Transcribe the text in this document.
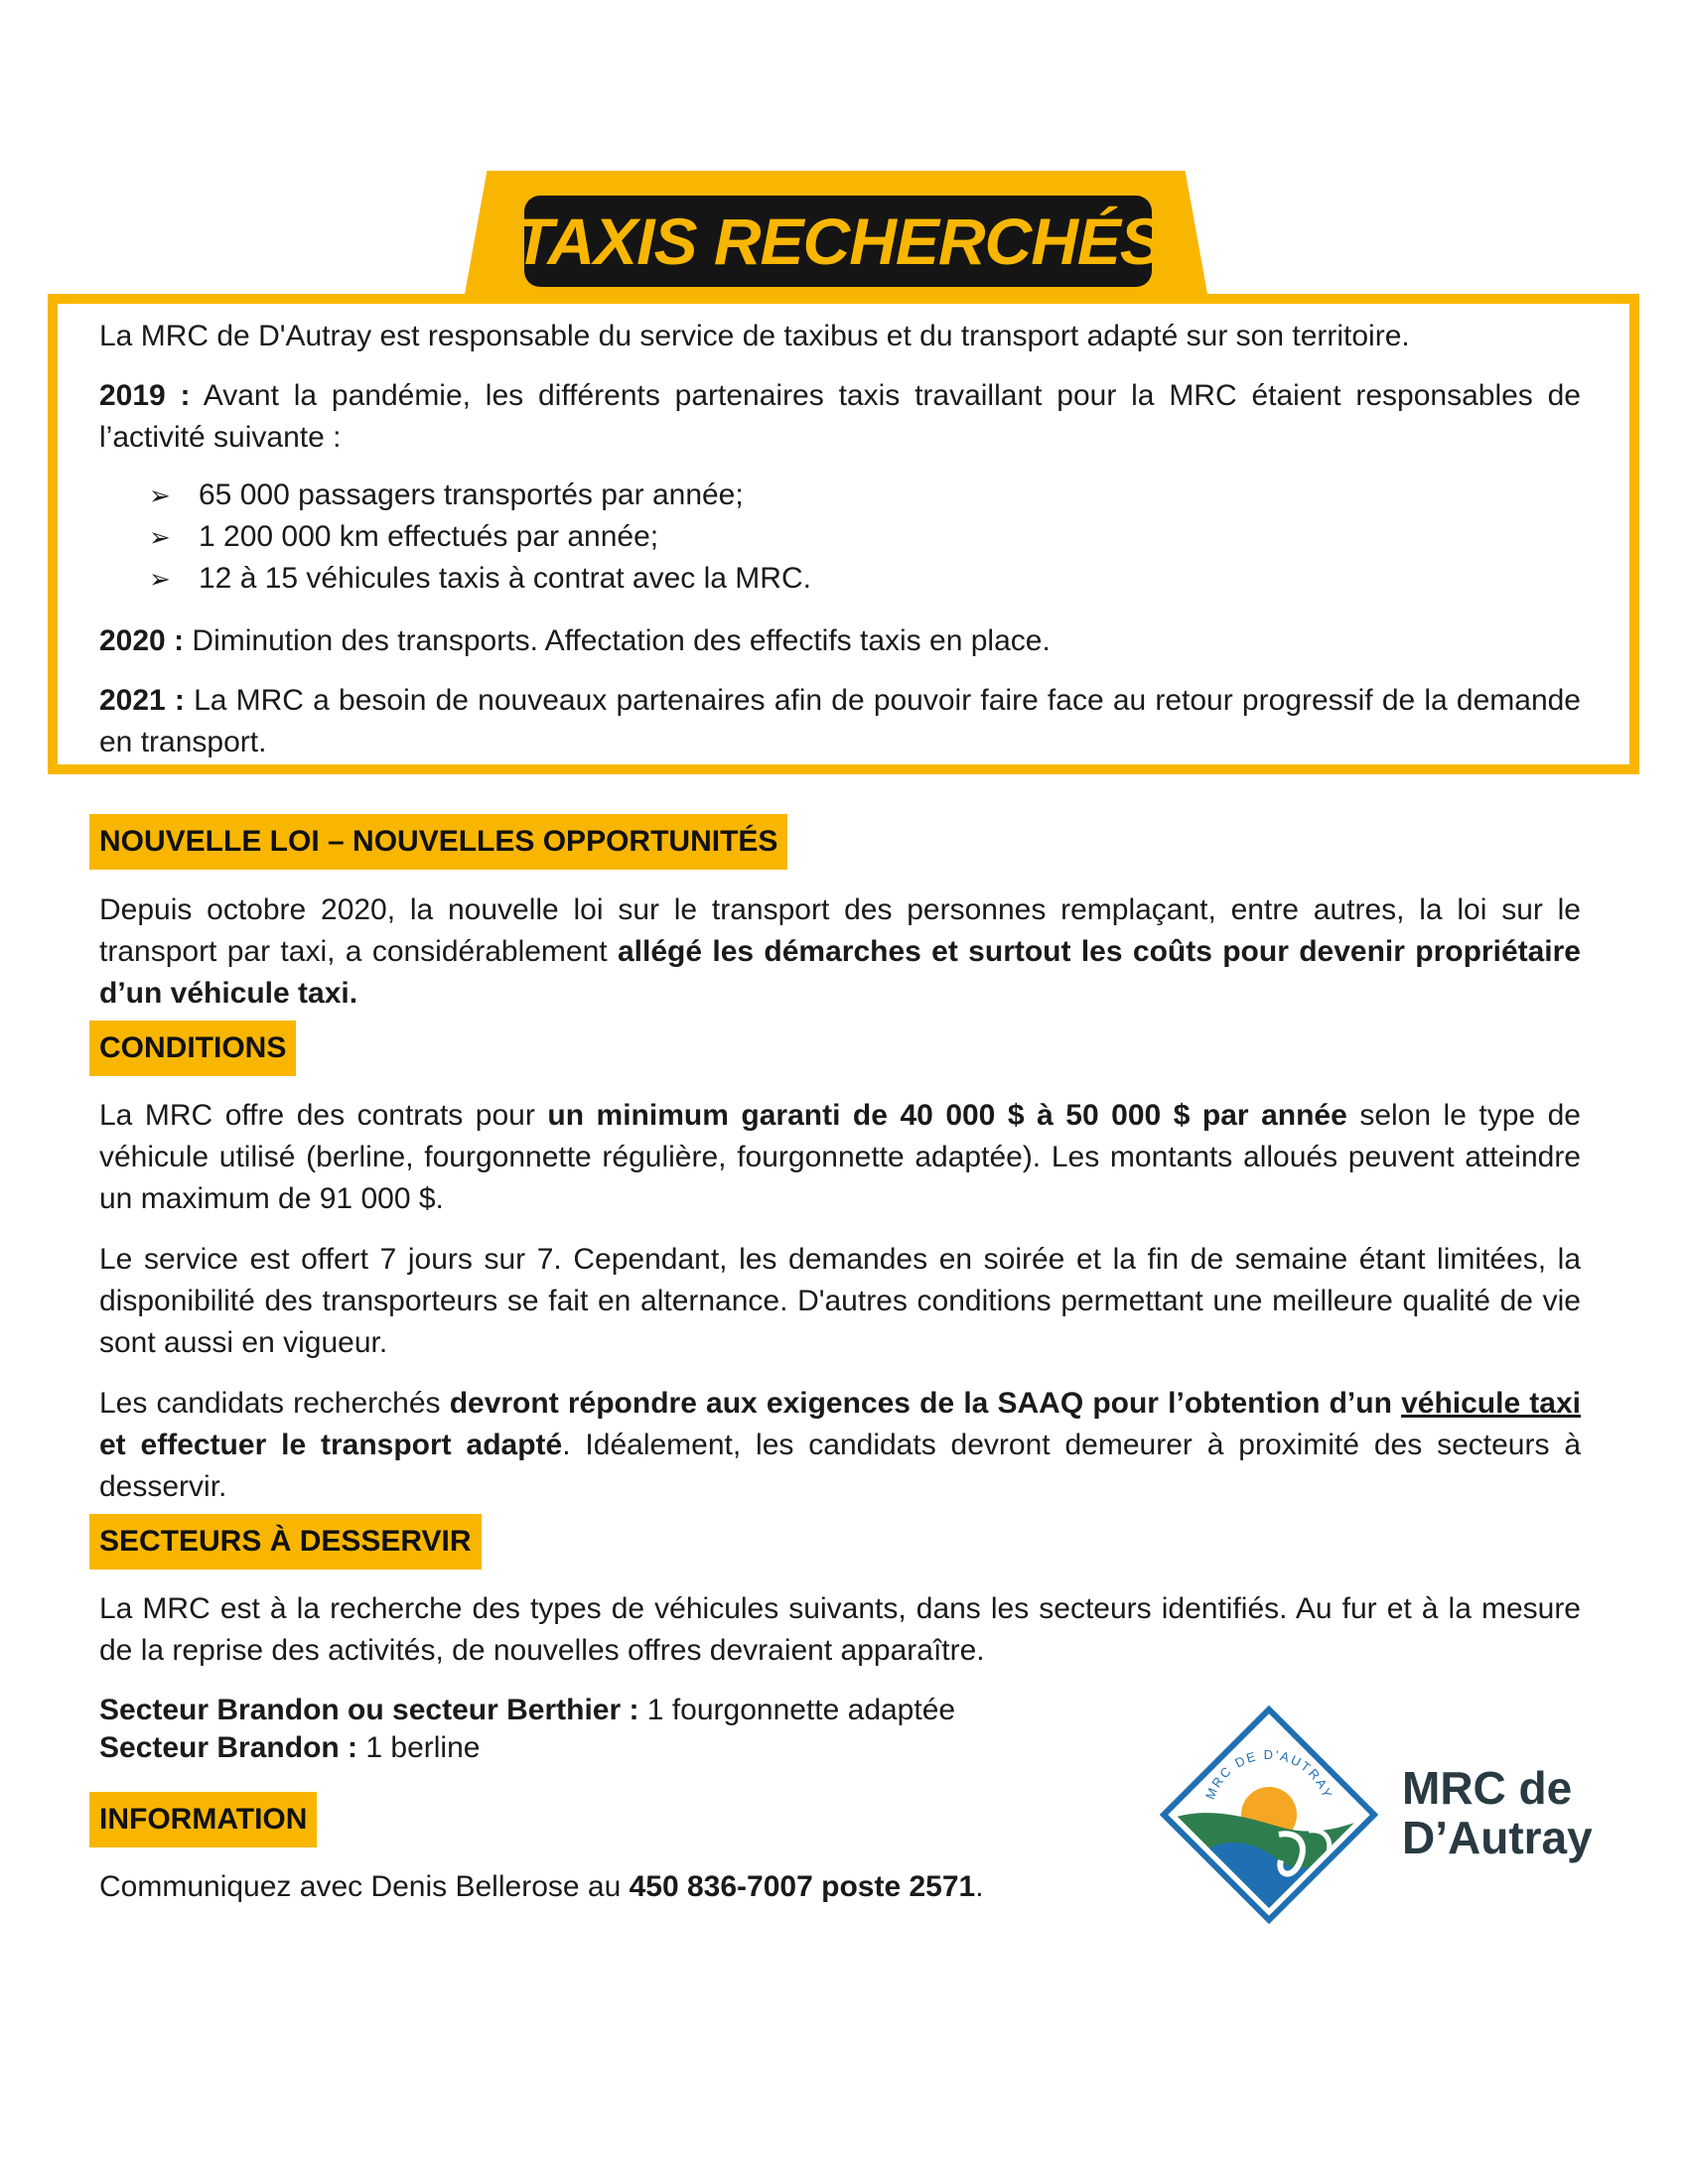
TAXIS RECHERCHÉS
La MRC de D'Autray est responsable du service de taxibus et du transport adapté sur son territoire.
2019 : Avant la pandémie, les différents partenaires taxis travaillant pour la MRC étaient responsables de l’activité suivante :
➢ 65 000 passagers transportés par année;
➢ 1 200 000 km effectués par année;
➢ 12 à 15 véhicules taxis à contrat avec la MRC.
2020 : Diminution des transports. Affectation des effectifs taxis en place.
2021 : La MRC a besoin de nouveaux partenaires afin de pouvoir faire face au retour progressif de la demande en transport.
NOUVELLE LOI – NOUVELLES OPPORTUNITÉS
Depuis octobre 2020, la nouvelle loi sur le transport des personnes remplaçant, entre autres, la loi sur le transport par taxi, a considérablement allégé les démarches et surtout les coûts pour devenir propriétaire d’un véhicule taxi.
CONDITIONS
La MRC offre des contrats pour un minimum garanti de 40 000 $ à 50 000 $ par année selon le type de véhicule utilisé (berline, fourgonnette régulière, fourgonnette adaptée). Les montants alloués peuvent atteindre un maximum de 91 000 $.
Le service est offert 7 jours sur 7. Cependant, les demandes en soirée et la fin de semaine étant limitées, la disponibilité des transporteurs se fait en alternance. D'autres conditions permettant une meilleure qualité de vie sont aussi en vigueur.
Les candidats recherchés devront répondre aux exigences de la SAAQ pour l’obtention d’un véhicule taxi et effectuer le transport adapté. Idéalement, les candidats devront demeurer à proximité des secteurs à desservir.
SECTEURS À DESSERVIR
La MRC est à la recherche des types de véhicules suivants, dans les secteurs identifiés. Au fur et à la mesure de la reprise des activités, de nouvelles offres devraient apparaître.
Secteur Brandon ou secteur Berthier : 1 fourgonnette adaptée
Secteur Brandon : 1 berline
INFORMATION
Communiquez avec Denis Bellerose au 450 836-7007 poste 2571.
MRC DE D'AUTRAY MRC de
D’Autray
